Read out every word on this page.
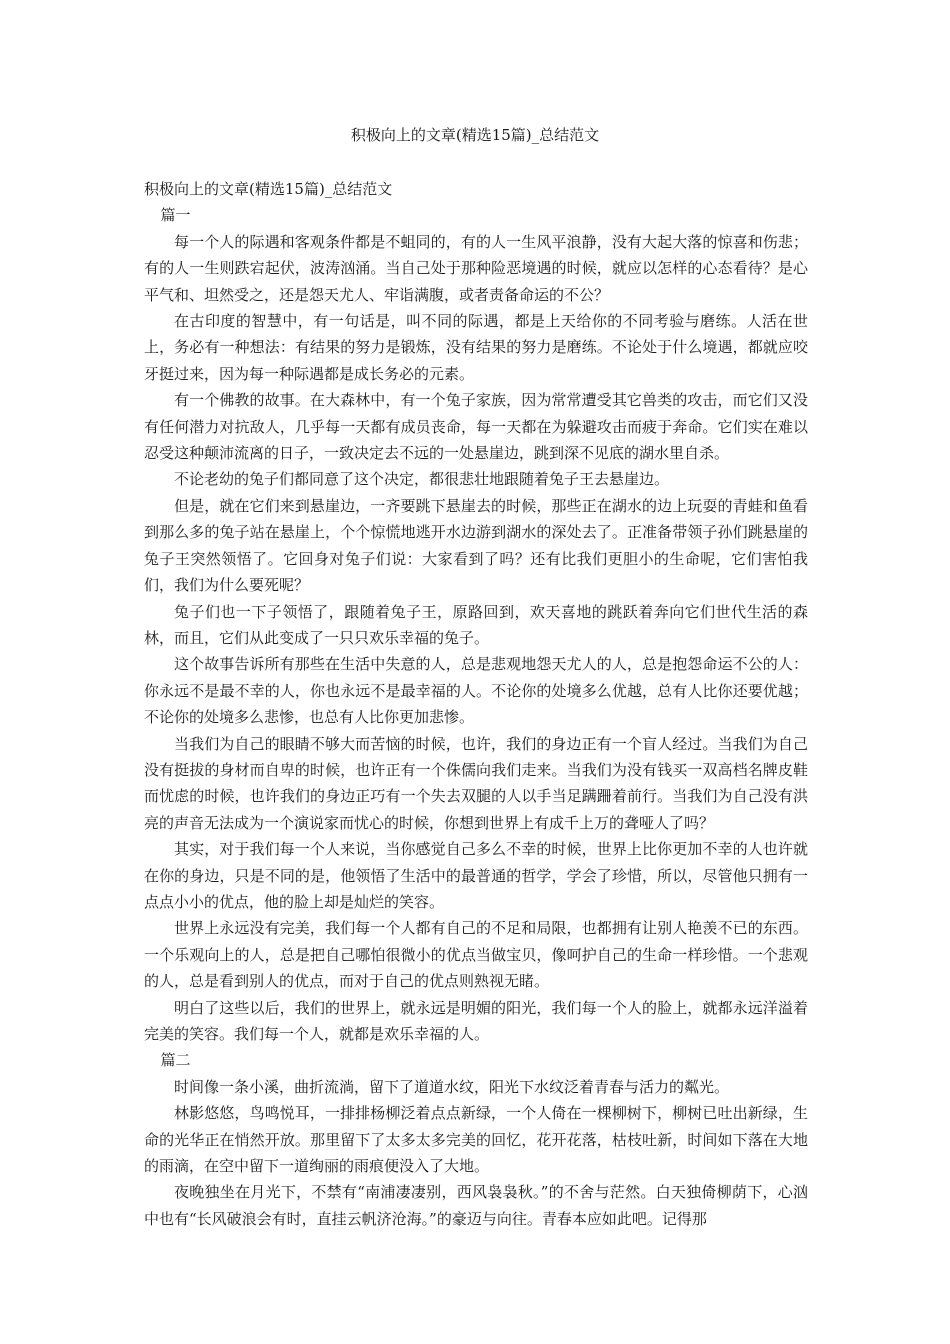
积极向上的文章(精选15篇)_总结范文

积极向上的文章(精选15篇)_总结范文

篇一

每一个人的际遇和客观条件都是不蛆同的，有的人一生风平浪静，没有大起大落的惊喜和伤悲；有的人一生则跌宕起伏，波涛汹涌。当自己处于那种险恶境遇的时候，就应以怎样的心态看待？是心平气和、坦然受之，还是怨天尤人、牢诣满腹，或者责备命运的不公？

在古印度的智慧中，有一句话是，叫不同的际遇，都是上天给你的不同考验与磨练。人活在世上，务必有一种想法：有结果的努力是锻炼，没有结果的努力是磨练。不论处于什么境遇，都就应咬牙挺过来，因为每一种际遇都是成长务必的元素。

有一个佛教的故事。在大森林中，有一个兔子家族，因为常常遭受其它兽类的攻击，而它们又没有任何潜力对抗敌人，几乎每一天都有成员丧命，每一天都在为躲避攻击而疲于奔命。它们实在难以忍受这种颠沛流离的日子，一致决定去不远的一处悬崖边，跳到深不见底的湖水里自杀。

不论老幼的兔子们都同意了这个决定，都很悲壮地跟随着兔子王去悬崖边。

但是，就在它们来到悬崖边，一齐要跳下悬崖去的时候，那些正在湖水的边上玩耍的青蛙和鱼看到那么多的兔子站在悬崖上，个个惊慌地逃开水边游到湖水的深处去了。正准备带领子孙们跳悬崖的兔子王突然领悟了。它回身对兔子们说：大家看到了吗？还有比我们更胆小的生命呢，它们害怕我们，我们为什么要死呢？

兔子们也一下子领悟了，跟随着兔子王，原路回到，欢天喜地的跳跃着奔向它们世代生活的森林，而且，它们从此变成了一只只欢乐幸福的兔子。

这个故事告诉所有那些在生活中失意的人，总是悲观地怨天尤人的人，总是抱怨命运不公的人：你永远不是最不幸的人，你也永远不是最幸福的人。不论你的处境多么优越，总有人比你还要优越；不论你的处境多么悲惨，也总有人比你更加悲惨。

当我们为自己的眼睛不够大而苦恼的时候，也许，我们的身边正有一个盲人经过。当我们为自己没有挺拔的身材而自卑的时候，也许正有一个侏儒向我们走来。当我们为没有钱买一双高档名牌皮鞋而忧虑的时候，也许我们的身边正巧有一个失去双腿的人以手当足蹒跚着前行。当我们为自己没有洪亮的声音无法成为一个演说家而忧心的时候，你想到世界上有成千上万的聋哑人了吗？

其实，对于我们每一个人来说，当你感觉自己多么不幸的时候，世界上比你更加不幸的人也许就在你的身边，只是不同的是，他领悟了生活中的最普通的哲学，学会了珍惜，所以，尽管他只拥有一点点小小的优点，他的脸上却是灿烂的笑容。

世界上永远没有完美，我们每一个人都有自己的不足和局限，也都拥有让别人艳羡不已的东西。一个乐观向上的人，总是把自己哪怕很微小的优点当做宝贝，像呵护自己的生命一样珍惜。一个悲观的人，总是看到别人的优点，而对于自己的优点则熟视无睹。

明白了这些以后，我们的世界上，就永远是明媚的阳光，我们每一个人的脸上，就都永远洋溢着完美的笑容。我们每一个人，就都是欢乐幸福的人。

篇二

时间像一条小溪，曲折流淌，留下了道道水纹，阳光下水纹泛着青春与活力的粼光。

林影悠悠，鸟鸣悦耳，一排排杨柳泛着点点新绿，一个人倚在一棵柳树下，柳树已吐出新绿，生命的光华正在悄然开放。那里留下了太多太多完美的回忆，花开花落，枯枝吐新，时间如下落在大地的雨滴，在空中留下一道绚丽的雨痕便没入了大地。

夜晚独坐在月光下，不禁有“南浦凄凄别，西风袅袅秋。”的不舍与茫然。白天独倚柳荫下，心汹中也有“长风破浪会有时，直挂云帆济沧海。”的豪迈与向往。青春本应如此吧。记得那
